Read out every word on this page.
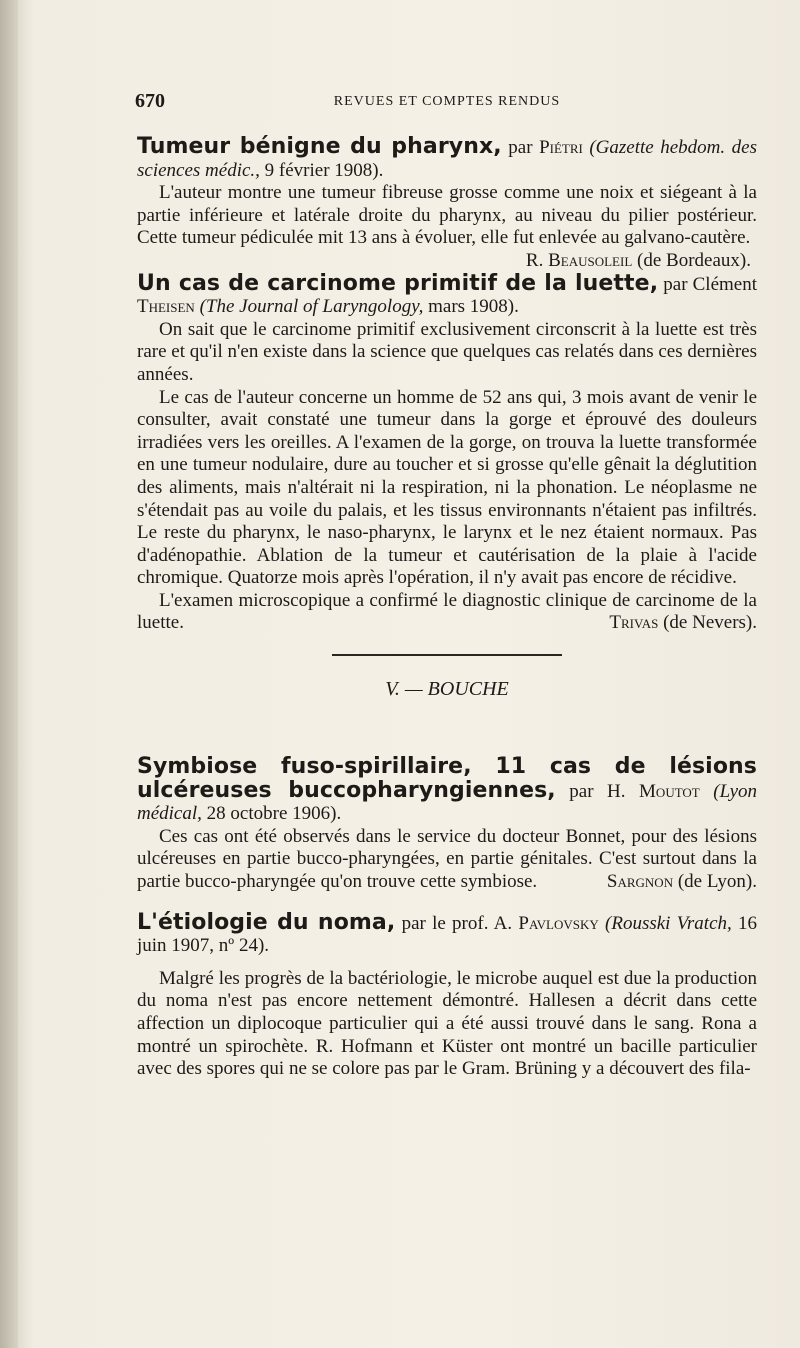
670	REVUES ET COMPTES RENDUS

Tumeur bénigne du pharynx, par Piétri (Gazette hebdom. des sciences médic., 9 février 1908).

L'auteur montre une tumeur fibreuse grosse comme une noix et siégeant à la partie inférieure et latérale droite du pharynx, au niveau du pilier postérieur. Cette tumeur pédiculée mit 13 ans à évoluer, elle fut enlevée au galvano-cautère.

R. Beausoleil (de Bordeaux).

Un cas de carcinome primitif de la luette, par Clément Theisen (The Journal of Laryngology, mars 1908).

On sait que le carcinome primitif exclusivement circonscrit à la luette est très rare et qu'il n'en existe dans la science que quelques cas relatés dans ces dernières années.

Le cas de l'auteur concerne un homme de 52 ans qui, 3 mois avant de venir le consulter, avait constaté une tumeur dans la gorge et éprouvé des douleurs irradiées vers les oreilles. A l'examen de la gorge, on trouva la luette transformée en une tumeur nodulaire, dure au toucher et si grosse qu'elle gênait la déglutition des aliments, mais n'altérait ni la respiration, ni la phonation. Le néoplasme ne s'étendait pas au voile du palais, et les tissus environnants n'étaient pas infiltrés. Le reste du pharynx, le naso-pharynx, le larynx et le nez étaient normaux. Pas d'adénopathie. Ablation de la tumeur et cautérisation de la plaie à l'acide chromique. Quatorze mois après l'opération, il n'y avait pas encore de récidive.

L'examen microscopique a confirmé le diagnostic clinique de carcinome de la luette.	Trivas (de Nevers).

V. — BOUCHE

Symbiose fuso-spirillaire, 11 cas de lésions ulcéreuses buccopharyngiennes, par H. Moutot (Lyon médical, 28 octobre 1906).

Ces cas ont été observés dans le service du docteur Bonnet, pour des lésions ulcéreuses en partie bucco-pharyngées, en partie génitales. C'est surtout dans la partie bucco-pharyngée qu'on trouve cette symbiose.	Sargnon (de Lyon).

L'étiologie du noma, par le prof. A. Pavlovsky (Rousski Vratch, 16 juin 1907, nº 24).

Malgré les progrès de la bactériologie, le microbe auquel est due la production du noma n'est pas encore nettement démontré. Hallesen a décrit dans cette affection un diplocoque particulier qui a été aussi trouvé dans le sang. Rona a montré un spirochète. R. Hofmann et Küster ont montré un bacille particulier avec des spores qui ne se colore pas par le Gram. Brüning y a découvert des fila-
